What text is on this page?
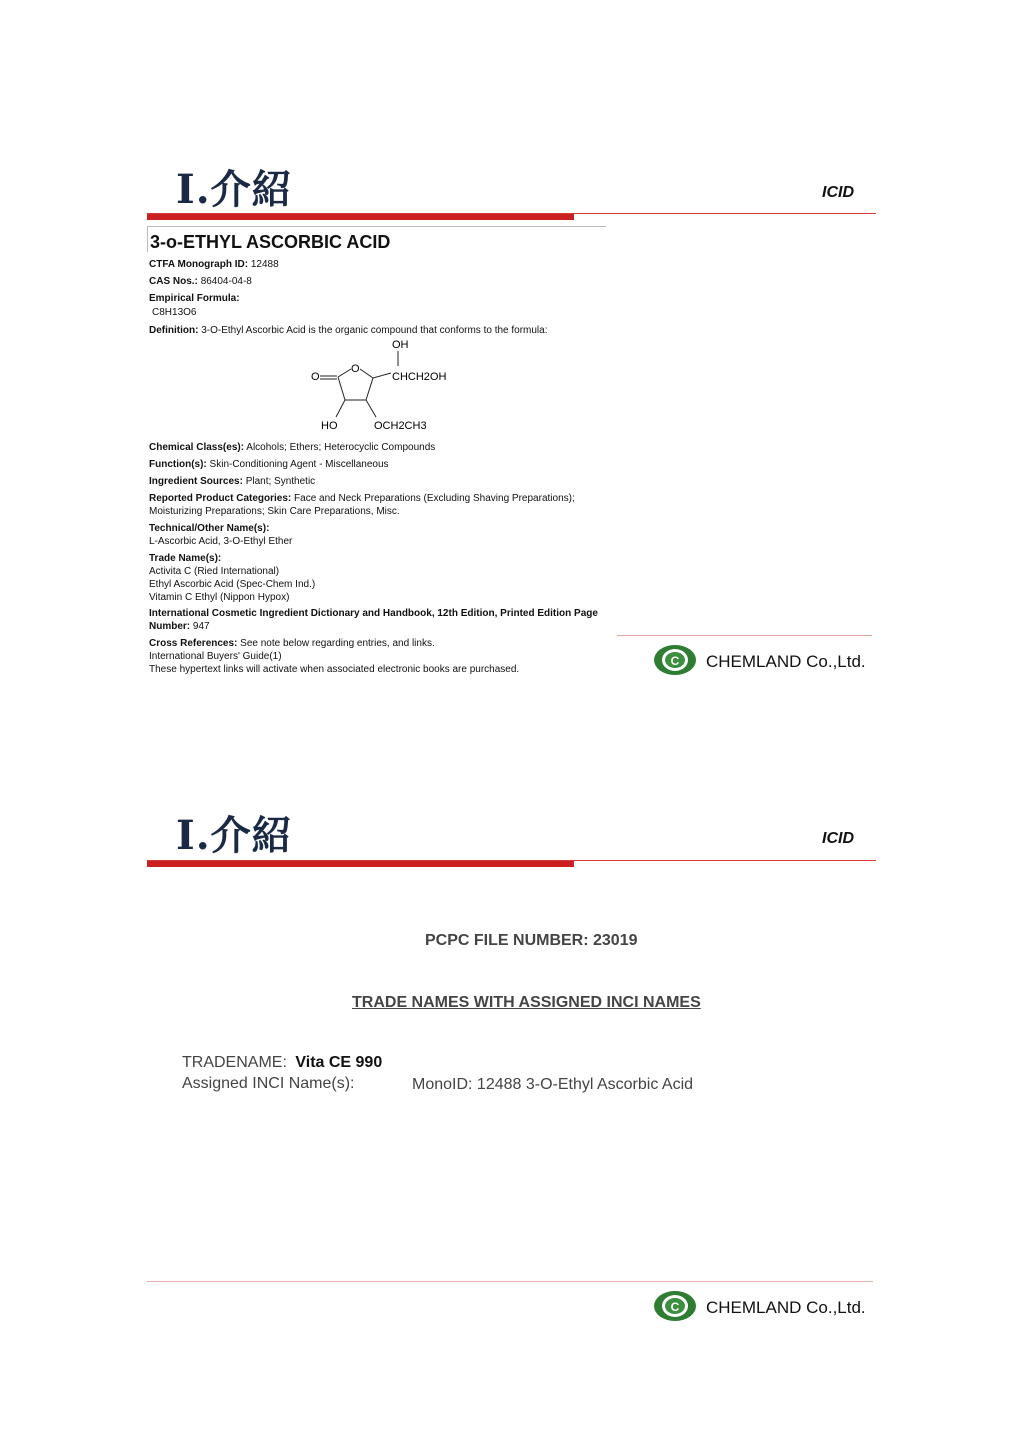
I.介紹	ICID
3-o-ETHYL ASCORBIC ACID
CTFA Monograph ID: 12488
CAS Nos.: 86404-04-8
Empirical Formula:
C8H13O6
Definition: 3-O-Ethyl Ascorbic Acid is the organic compound that conforms to the formula:
OH
O
O	CHCH2OH
HO	OCH2CH3
Chemical Class(es): Alcohols; Ethers; Heterocyclic Compounds
Function(s): Skin-Conditioning Agent - Miscellaneous
Ingredient Sources: Plant; Synthetic
Reported Product Categories: Face and Neck Preparations (Excluding Shaving Preparations);
Moisturizing Preparations; Skin Care Preparations, Misc.
Technical/Other Name(s):
L-Ascorbic Acid, 3-O-Ethyl Ether
Trade Name(s):
Activita C (Ried International)
Ethyl Ascorbic Acid (Spec-Chem Ind.)
Vitamin C Ethyl (Nippon Hypox)
International Cosmetic Ingredient Dictionary and Handbook, 12th Edition, Printed Edition Page
Number: 947
Cross References: See note below regarding entries, and links.
International Buyers' Guide(1)
These hypertext links will activate when associated electronic books are purchased.
C CHEMLAND Co.,Ltd.
I.介紹	ICID
PCPC FILE NUMBER: 23019
TRADE NAMES WITH ASSIGNED INCI NAMES
TRADENAME: Vita CE 990
Assigned INCI Name(s):	MonoID: 12488 3-O-Ethyl Ascorbic Acid
C CHEMLAND Co.,Ltd.
